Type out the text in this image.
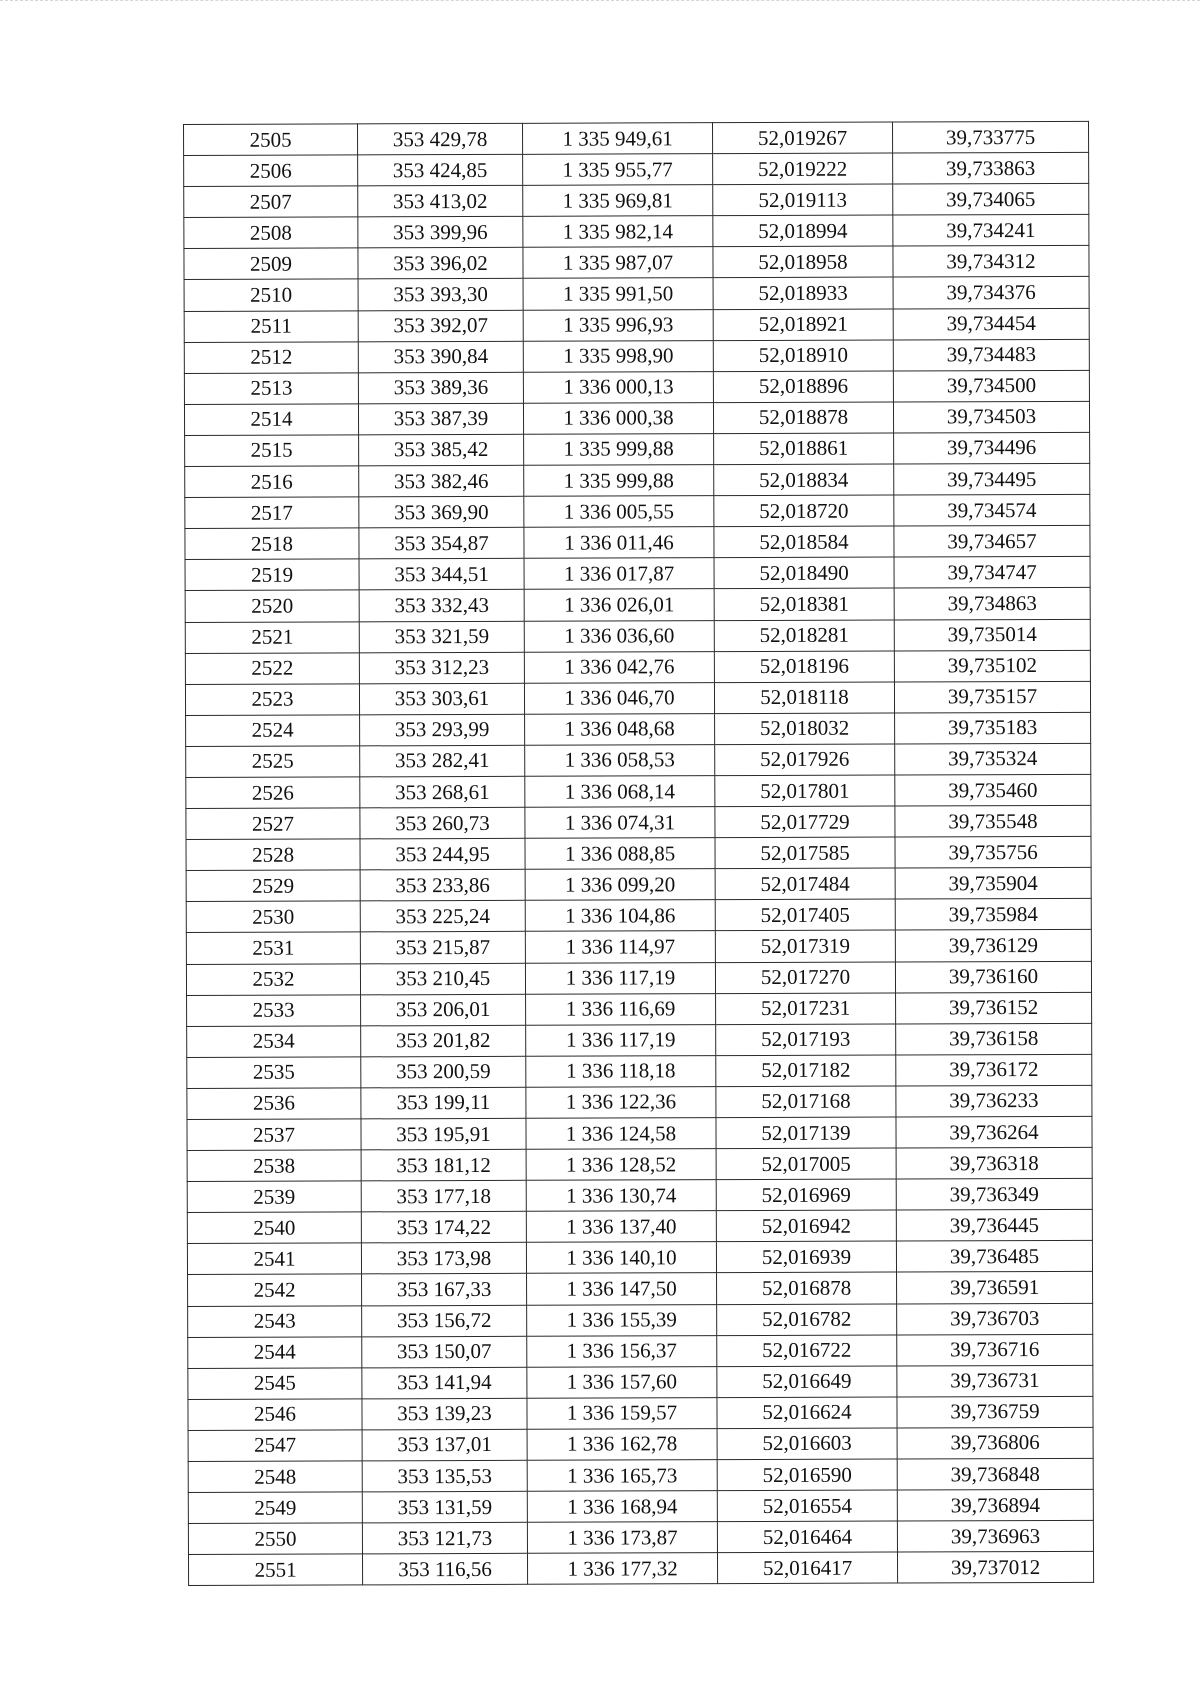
2505	353 429,78	1 335 949,61	52,019267	39,733775
2506	353 424,85	1 335 955,77	52,019222	39,733863
2507	353 413,02	1 335 969,81	52,019113	39,734065
2508	353 399,96	1 335 982,14	52,018994	39,734241
2509	353 396,02	1 335 987,07	52,018958	39,734312
2510	353 393,30	1 335 991,50	52,018933	39,734376
2511	353 392,07	1 335 996,93	52,018921	39,734454
2512	353 390,84	1 335 998,90	52,018910	39,734483
2513	353 389,36	1 336 000,13	52,018896	39,734500
2514	353 387,39	1 336 000,38	52,018878	39,734503
2515	353 385,42	1 335 999,88	52,018861	39,734496
2516	353 382,46	1 335 999,88	52,018834	39,734495
2517	353 369,90	1 336 005,55	52,018720	39,734574
2518	353 354,87	1 336 011,46	52,018584	39,734657
2519	353 344,51	1 336 017,87	52,018490	39,734747
2520	353 332,43	1 336 026,01	52,018381	39,734863
2521	353 321,59	1 336 036,60	52,018281	39,735014
2522	353 312,23	1 336 042,76	52,018196	39,735102
2523	353 303,61	1 336 046,70	52,018118	39,735157
2524	353 293,99	1 336 048,68	52,018032	39,735183
2525	353 282,41	1 336 058,53	52,017926	39,735324
2526	353 268,61	1 336 068,14	52,017801	39,735460
2527	353 260,73	1 336 074,31	52,017729	39,735548
2528	353 244,95	1 336 088,85	52,017585	39,735756
2529	353 233,86	1 336 099,20	52,017484	39,735904
2530	353 225,24	1 336 104,86	52,017405	39,735984
2531	353 215,87	1 336 114,97	52,017319	39,736129
2532	353 210,45	1 336 117,19	52,017270	39,736160
2533	353 206,01	1 336 116,69	52,017231	39,736152
2534	353 201,82	1 336 117,19	52,017193	39,736158
2535	353 200,59	1 336 118,18	52,017182	39,736172
2536	353 199,11	1 336 122,36	52,017168	39,736233
2537	353 195,91	1 336 124,58	52,017139	39,736264
2538	353 181,12	1 336 128,52	52,017005	39,736318
2539	353 177,18	1 336 130,74	52,016969	39,736349
2540	353 174,22	1 336 137,40	52,016942	39,736445
2541	353 173,98	1 336 140,10	52,016939	39,736485
2542	353 167,33	1 336 147,50	52,016878	39,736591
2543	353 156,72	1 336 155,39	52,016782	39,736703
2544	353 150,07	1 336 156,37	52,016722	39,736716
2545	353 141,94	1 336 157,60	52,016649	39,736731
2546	353 139,23	1 336 159,57	52,016624	39,736759
2547	353 137,01	1 336 162,78	52,016603	39,736806
2548	353 135,53	1 336 165,73	52,016590	39,736848
2549	353 131,59	1 336 168,94	52,016554	39,736894
2550	353 121,73	1 336 173,87	52,016464	39,736963
2551	353 116,56	1 336 177,32	52,016417	39,737012
